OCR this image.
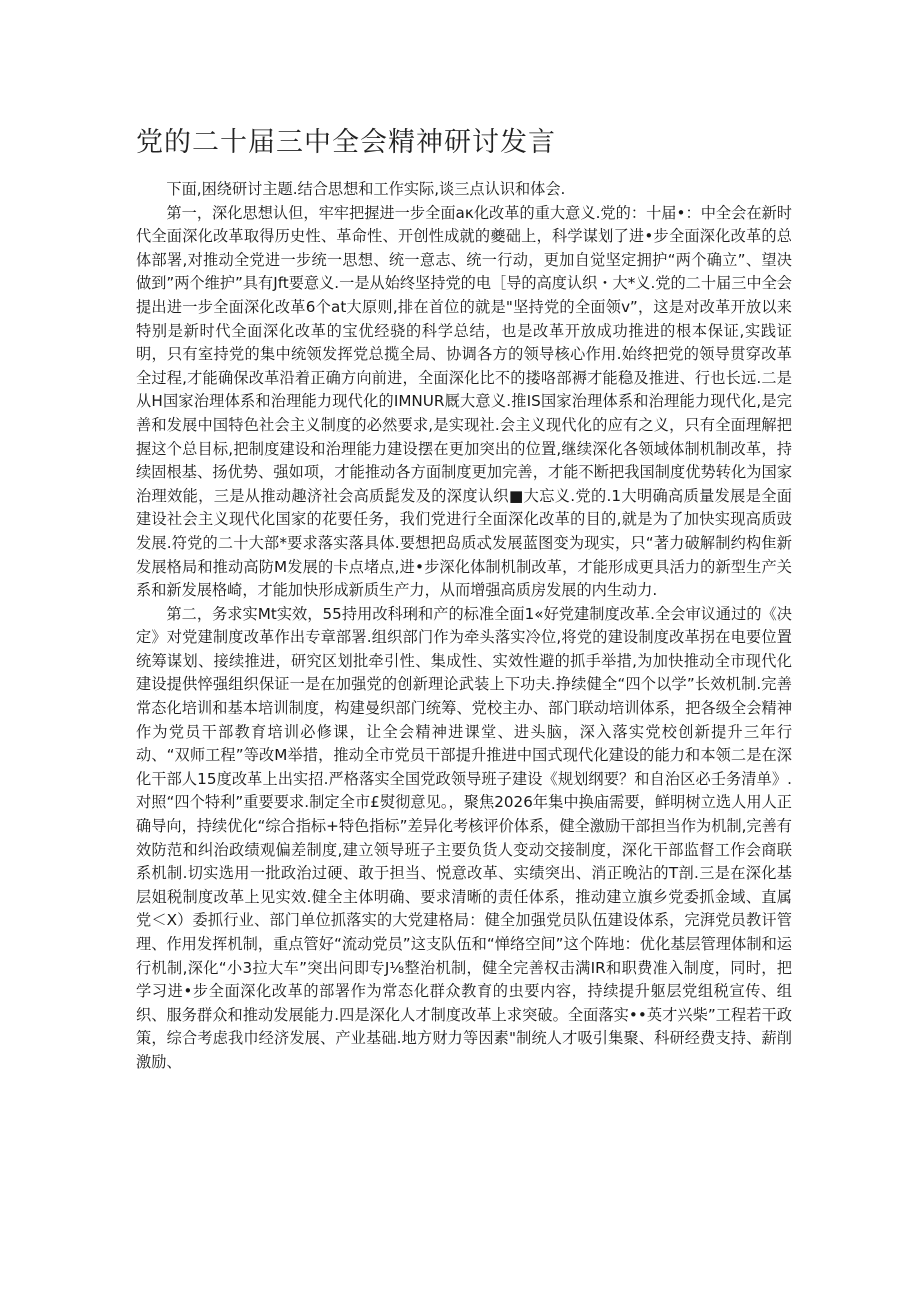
党的二十届三中全会精神研讨发言

下面,困绕研讨主题.结合思想和工作实际,谈三点认识和体会.

第一，深化思想认但，牢牢把握进一步全面aκ化改革的重大意义.党的：十届•：中全会在新时代全面深化改革取得历史性、革命性、开创性成就的夔础上，科学谋划了进•步全面深化改革的总体部署,对推动全党进一步统一思想、统一意志、统一行动，更加自觉坚定拥护“两个确立”、望决做到”两个维护”具有Jft要意义.一是从始终坚持党的电［导的高度认织・大*义.党的二十届三中全会提出进一步全面深化改革6个at大原则,排在首位的就是"坚持党的全面领v”，这是对改革开放以来特别是新时代全面深化改革的宝优经骁的科学总结，也是改革开放成功推进的根本保证,实践证明，只有室持党的集中统领发挥党总揽全局、协调各方的领导核心作用.始终把党的领导贯穿改革全过程,才能确保改革沿着正确方向前进，全面深化比不的搂咯部褥才能稳及推进、行也长远.二是从H国家治理体系和治理能力现代化的IMNUR厩大意义.推IS国家治理体系和治理能力现代化,是完善和发展中国特色社会主义制度的必然要求,是实现社.会主义现代化的应有之义，只有全面理解把握这个总目标,把制度建设和治理能力建设摆在更加突出的位置,继续深化各领域体制机制改革，持续固根基、扬优势、强如项，才能推动各方面制度更加完善，才能不断把我国制度优势转化为国家治理效能，三是从推动趣济社会高质髭发及的深度认织■大忘义.党的.1大明确高质量发展是全面建设社会主义现代化国家的花要任务，我们党进行全面深化改革的目的,就是为了加快实现高质豉发展.符党的二十大部*要求落实落具体.要想把岛质忒发展蓝图变为现实，只“著力破解制约构隹新发展格局和推动高防M发展的卡点堵点,进•步深化体制机制改革，才能形成更具活力的新型生产关系和新发展格崎，才能加快形成新质生产力，从而增强高质房发展的内生动力.

第二，务求实Mt实效，55持用改科琍和产的标准全面1«好党建制度改革.全会审议通过的《决定》对党建制度改革作出专章部署.组织部门作为牵头落实冷位,将党的建设制度改革拐在电要位置统筹谋划、接续推进，研究区划批牵引性、集成性、实效性避的抓手举措,为加快推动全市现代化建设提供悴强组织保证一是在加强党的创新理论武装上下功夫.挣续健全“四个以学”长效机制.完善常态化培训和基本培训制度，构建曼织部门统筹、党校主办、部门联动培训体系，把各级全会精神作为党员干部教育培训必修课，让全会精神进课堂、进头脑，深入落实党校创新提升三年行动、“双师工程”等改M举措，推动全市党员干部提升推进中国式现代化建设的能力和本领二是在深化干部人15度改革上出实招.严格落实全国党政领导班子建设《规划纲要？和自治区必壬务清单》.对照“四个特利”重要要求.制定全市£熨彻意见。，聚焦2026年集中换庙需要，鲜明树立选人用人正确导向，持续优化“综合指标+特色指标”差异化考核评价体系，健全激励干部担当作为机制,完善有效防范和纠治政绩观偏差制度,建立领导班子主要负货人变动交接制度，深化干部监督工作会商联系机制.切实选用一批政治过硬、敢于担当、悦意改革、实绩突出、消正晚沾的T剖.三是在深化基层姐税制度改革上见实效.健全主体明确、要求清晰的责任体系，推动建立旗乡党委抓金域、直属党＜X）委抓行业、部门单位抓落实的大党建格局：健全加强党员队伍建设体系，完湃党员教讦管理、作用发挥机制，重点管好“流动党员”这支队伍和“惮络空间”这个阵地：优化基层管理体制和运行机制,深化“小3拉大车”突出问即专J⅛整治机制，健全完善权击满IR和职费准入制度，同时，把学习进•步全面深化改革的部署作为常态化群众教育的虫要内容，持续提升躯层党组税宣传、组织、服务群众和推动发展能力.四是深化人才制度改革上求突破。全面落实••英才兴柴”工程若干政策，综合考虑我巾经济发展、产业基础.地方财力等因素"制统人才吸引集聚、科研经费支持、薪削激励、
